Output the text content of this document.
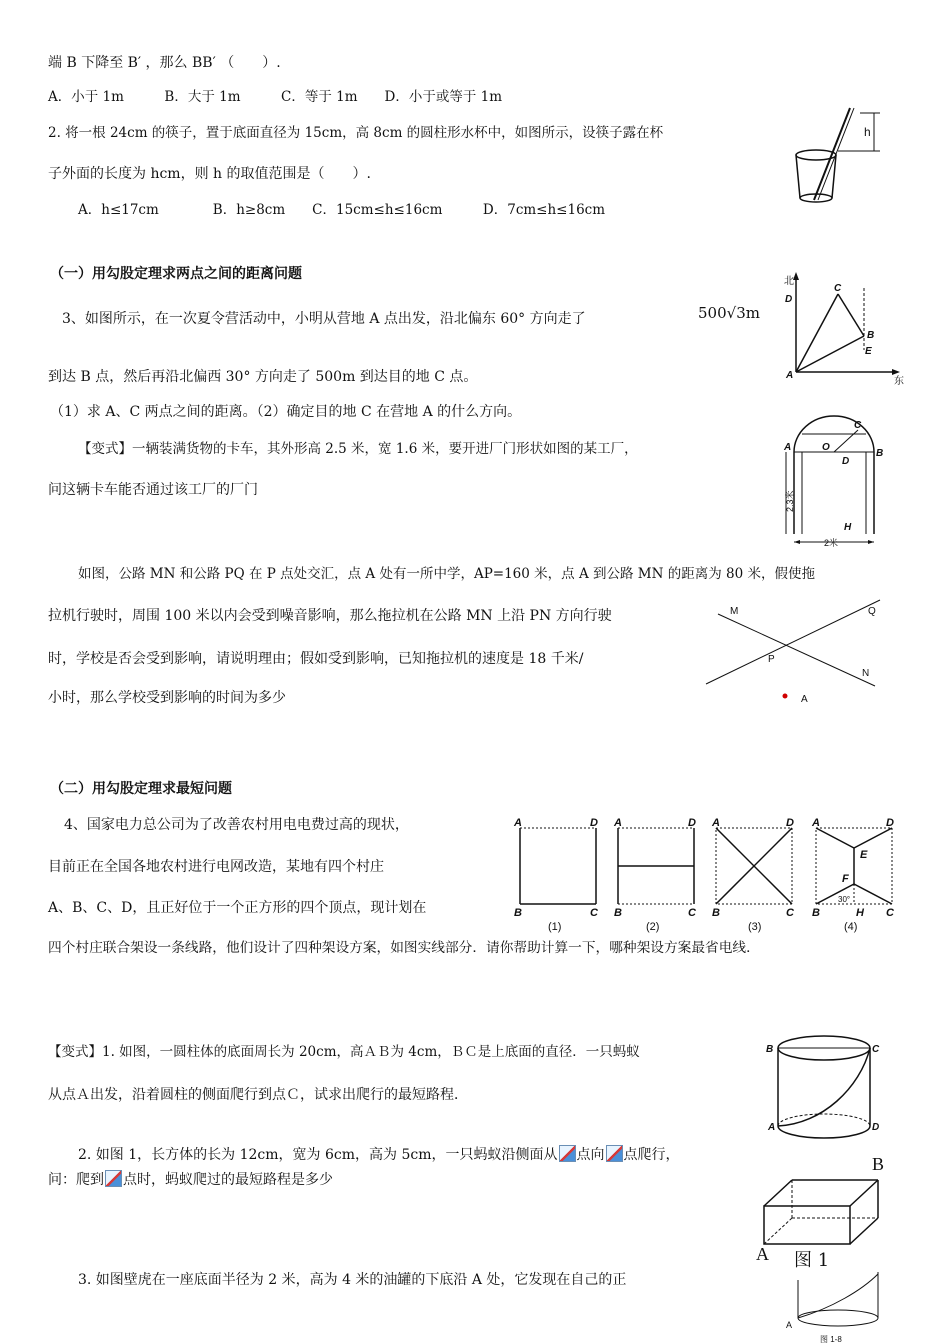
端 B 下降至 B′ ，那么 BB′ （　　）.
A．小于 1m　　　B．大于 1m　　　C．等于 1m　　D．小于或等于 1m
2. 将一根 24cm 的筷子，置于底面直径为 15cm，高 8cm 的圆柱形水杯中，如图所示，设筷子露在杯
子外面的长度为 hcm，则 h 的取值范围是（　　）.
A．h≤17cm　　　　B．h≥8cm　　C．15cm≤h≤16cm　　　D．7cm≤h≤16cm
（一）用勾股定理求两点之间的距离问题
3、如图所示，在一次夏令营活动中，小明从营地 A 点出发，沿北偏东 60° 方向走了	500√3m
到达 B 点，然后再沿北偏西 30° 方向走了 500m 到达目的地 C 点。
（1）求 A、C 两点之间的距离。（2）确定目的地 C 在营地 A 的什么方向。
【变式】一辆装满货物的卡车，其外形高 2.5 米，宽 1.6 米，要开进厂门形状如图的某工厂，
问这辆卡车能否通过该工厂的厂门
如图，公路 MN 和公路 PQ 在 P 点处交汇，点 A 处有一所中学，AP=160 米，点 A 到公路 MN 的距离为 80 米，假使拖
拉机行驶时，周围 100 米以内会受到噪音影响，那么拖拉机在公路 MN 上沿 PN 方向行驶
时，学校是否会受到影响，请说明理由；假如受到影响，已知拖拉机的速度是 18 千米/
小时，那么学校受到影响的时间为多少
（二）用勾股定理求最短问题
4、国家电力总公司为了改善农村用电电费过高的现状，
目前正在全国各地农村进行电网改造，某地有四个村庄
A、B、C、D，且正好位于一个正方形的四个顶点，现计划在
四个村庄联合架设一条线路，他们设计了四种架设方案，如图实线部分．请你帮助计算一下，哪种架设方案最省电线．
【变式】1. 如图，一圆柱体的底面周长为 20cm，高ＡＢ为 4cm，ＢＣ是上底面的直径．一只蚂蚁
从点Ａ出发，沿着圆柱的侧面爬行到点Ｃ，试求出爬行的最短路程．
2. 如图 1，长方体的长为 12cm，宽为 6cm，高为 5cm，一只蚂蚁沿侧面从 点向 点爬行，
问：爬到 点时，蚂蚁爬过的最短路程是多少
3. 如图壁虎在一座底面半径为 2 米，高为 4 米的油罐的下底沿 A 处，它发现在自己的正
h
北
东
D
C
B
E
A
A	O
C
B
D
H
2.3米
2米
M	Q
P
N
A
A	D
B	C
A	D
B	C
A	D
B	C
A	D
B	C
E
F
30°
H
(1)	(2)	(3)	(4)
B	C
A	D
B
A 图 1
A
图 1-8
